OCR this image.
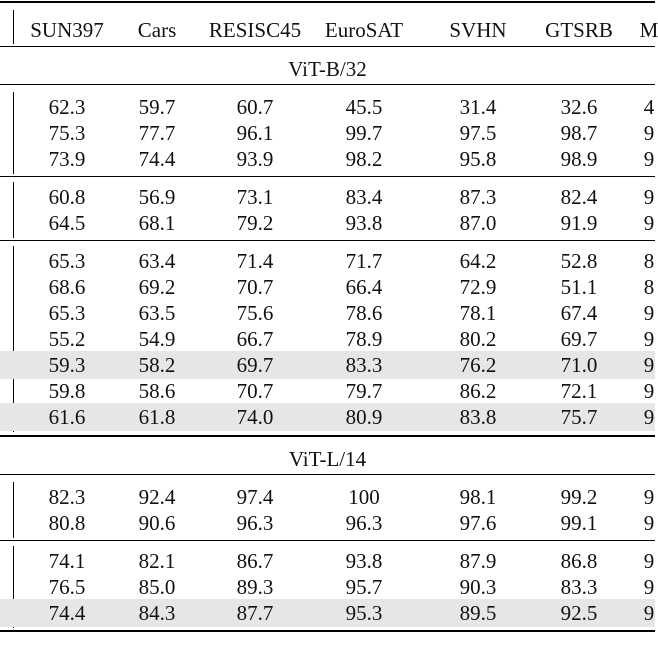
SUN397 Cars RESISC45 EuroSAT SVHN GTSRB M
ViT-B/32
62.3	59.7	60.7	45.5	31.4	32.6 4
75.3	77.7	96.1	99.7	97.5	98.7 9
73.9	74.4	93.9	98.2	95.8	98.9 9
60.8	56.9	73.1	83.4	87.3	82.4 9
64.5	68.1	79.2	93.8	87.0	91.9 9
65.3	63.4	71.4	71.7	64.2	52.8 8
68.6	69.2	70.7	66.4	72.9	51.1 8
65.3	63.5	75.6	78.6	78.1	67.4 9
55.2	54.9	66.7	78.9	80.2	69.7 9
59.3	58.2	69.7	83.3	76.2	71.0 9
59.8	58.6	70.7	79.7	86.2	72.1 9
61.6	61.8	74.0	80.9	83.8	75.7 9
ViT-L/14
82.3	92.4	97.4	100	98.1	99.2 9
80.8	90.6	96.3	96.3	97.6	99.1 9
74.1	82.1	86.7	93.8	87.9	86.8 9
76.5	85.0	89.3	95.7	90.3	83.3 9
74.4	84.3	87.7	95.3	89.5	92.5 9
